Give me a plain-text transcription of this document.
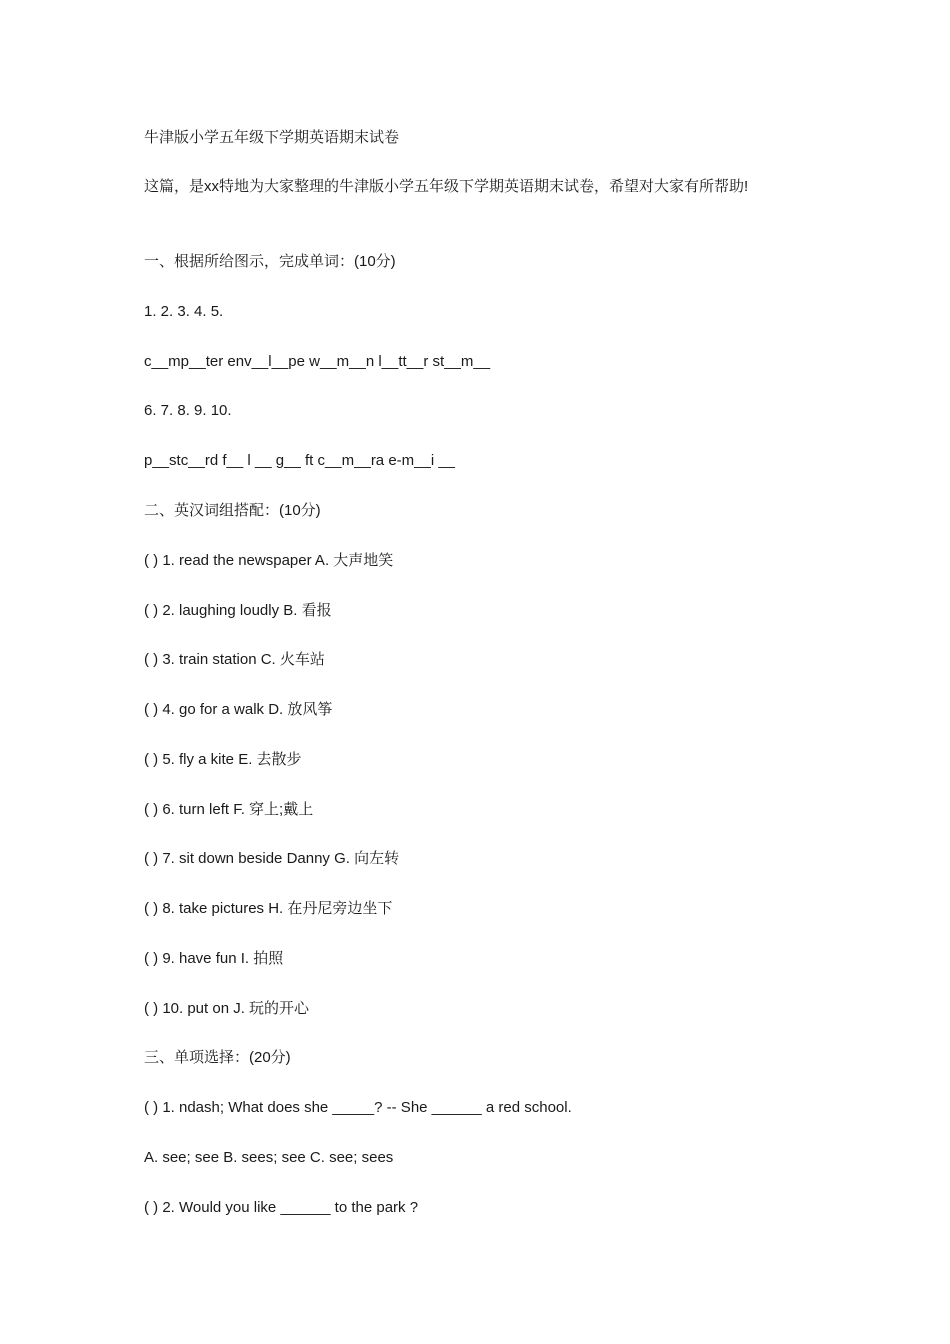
牛津版小学五年级下学期英语期末试卷
这篇，是xx特地为大家整理的牛津版小学五年级下学期英语期末试卷，希望对大家有所帮助!
一、根据所给图示，完成单词：(10分)
1. 2. 3. 4. 5.
c__mp__ter env__l__pe w__m__n l__tt__r st__m__
6. 7. 8. 9. 10.
p__stc__rd f__ l __ g__ ft c__m__ra e-m__i __
二、英汉词组搭配：(10分)
( ) 1. read the newspaper A. 大声地笑
( ) 2. laughing loudly B. 看报
( ) 3. train station C. 火车站
( ) 4. go for a walk D. 放风筝
( ) 5. fly a kite E. 去散步
( ) 6. turn left F. 穿上;戴上
( ) 7. sit down beside Danny G. 向左转
( ) 8. take pictures H. 在丹尼旁边坐下
( ) 9. have fun I. 拍照
( ) 10. put on J. 玩的开心
三、单项选择：(20分)
( ) 1. ndash; What does she _____? -- She ______ a red school.
A. see; see B. sees; see C. see; sees
( ) 2. Would you like ______ to the park ?
